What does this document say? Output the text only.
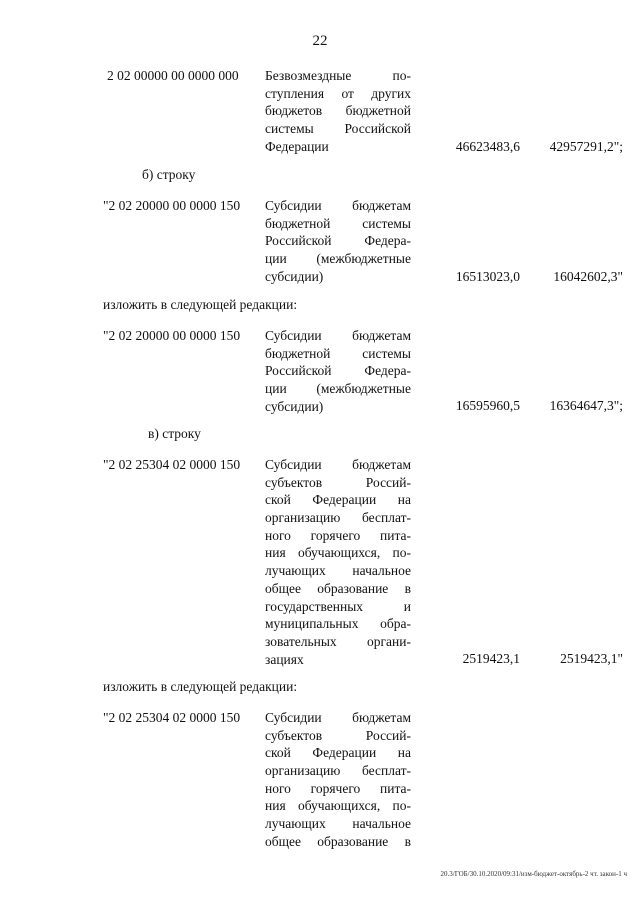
22
2 02 00000 00 0000 000 Безвозмездные по-
ступления от других
бюджетов бюджетной
системы Российской
Федерации	46623483,6 42957291,2";
б) строку
"2 02 20000 00 0000 150 Субсидии бюджетам
бюджетной системы
Российской Федера-
ции (межбюджетные
субсидии)	16513023,0 16042602,3"
изложить в следующей редакции:
"2 02 20000 00 0000 150 Субсидии бюджетам
бюджетной системы
Российской Федера-
ции (межбюджетные
субсидии)	16595960,5 16364647,3";
в) строку
"2 02 25304 02 0000 150 Субсидии бюджетам
субъектов Россий-
ской Федерации на
организацию бесплат-
ного горячего пита-
ния обучающихся, по-
лучающих начальное
общее образование в
государственных и
муниципальных обра-
зовательных органи-
зациях	2519423,1	2519423,1"
изложить в следующей редакции:
"2 02 25304 02 0000 150 Субсидии бюджетам
субъектов Россий-
ской Федерации на
организацию бесплат-
ного горячего пита-
ния обучающихся, по-
лучающих начальное
общее образование в
20.3/ГОБ/30.10.2020/09:31/изм-бюджет-октябрь-2 чт. закон-1 ч
